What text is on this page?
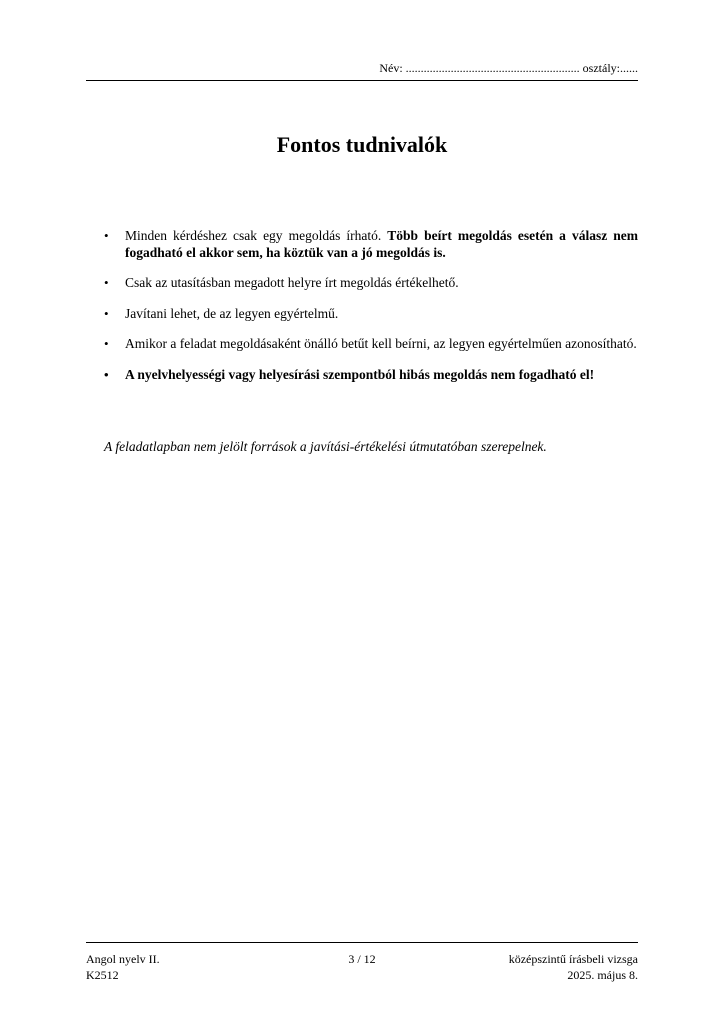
Név: .......................................................... osztály:......
Fontos tudnivalók
• Minden kérdéshez csak egy megoldás írható. Több beírt megoldás esetén a válasz nem fogadható el akkor sem, ha köztük van a jó megoldás is.
• Csak az utasításban megadott helyre írt megoldás értékelhető.
• Javítani lehet, de az legyen egyértelmű.
• Amikor a feladat megoldásaként önálló betűt kell beírni, az legyen egyértelműen azonosítható.
• A nyelvhelyességi vagy helyesírási szempontból hibás megoldás nem fogadható el!

A feladatlapban nem jelölt források a javítási-értékelési útmutatóban szerepelnek.

Angol nyelv II.	3 / 12	középszintű írásbeli vizsga
K2512	2025. május 8.
